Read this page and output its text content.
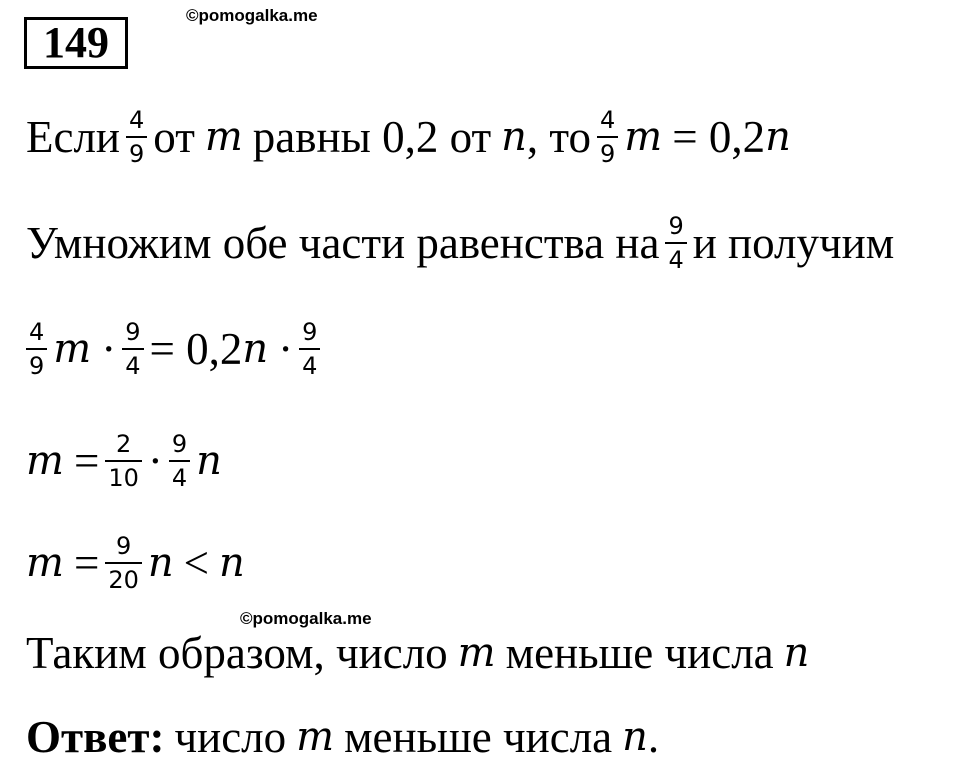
149
©pomogalka.me
Если $\frac{4}{9}$ от m равны 0,2 от n , то $\frac{4}{9}$ m = 0,2 n
Умножим обе части равенства на $\frac{9}{4}$ и получим
$\frac{4}{9}$ $m \cdot \frac{9}{4} = 0,2$ $n \cdot \frac{9}{4}$
$m = \frac{2}{10} \cdot \frac{9}{4}$ n
$m = \frac{9}{20}$ n < n
©pomogalka.me
Таким образом, число m меньше числа n
Ответ: число m меньше числа n .
